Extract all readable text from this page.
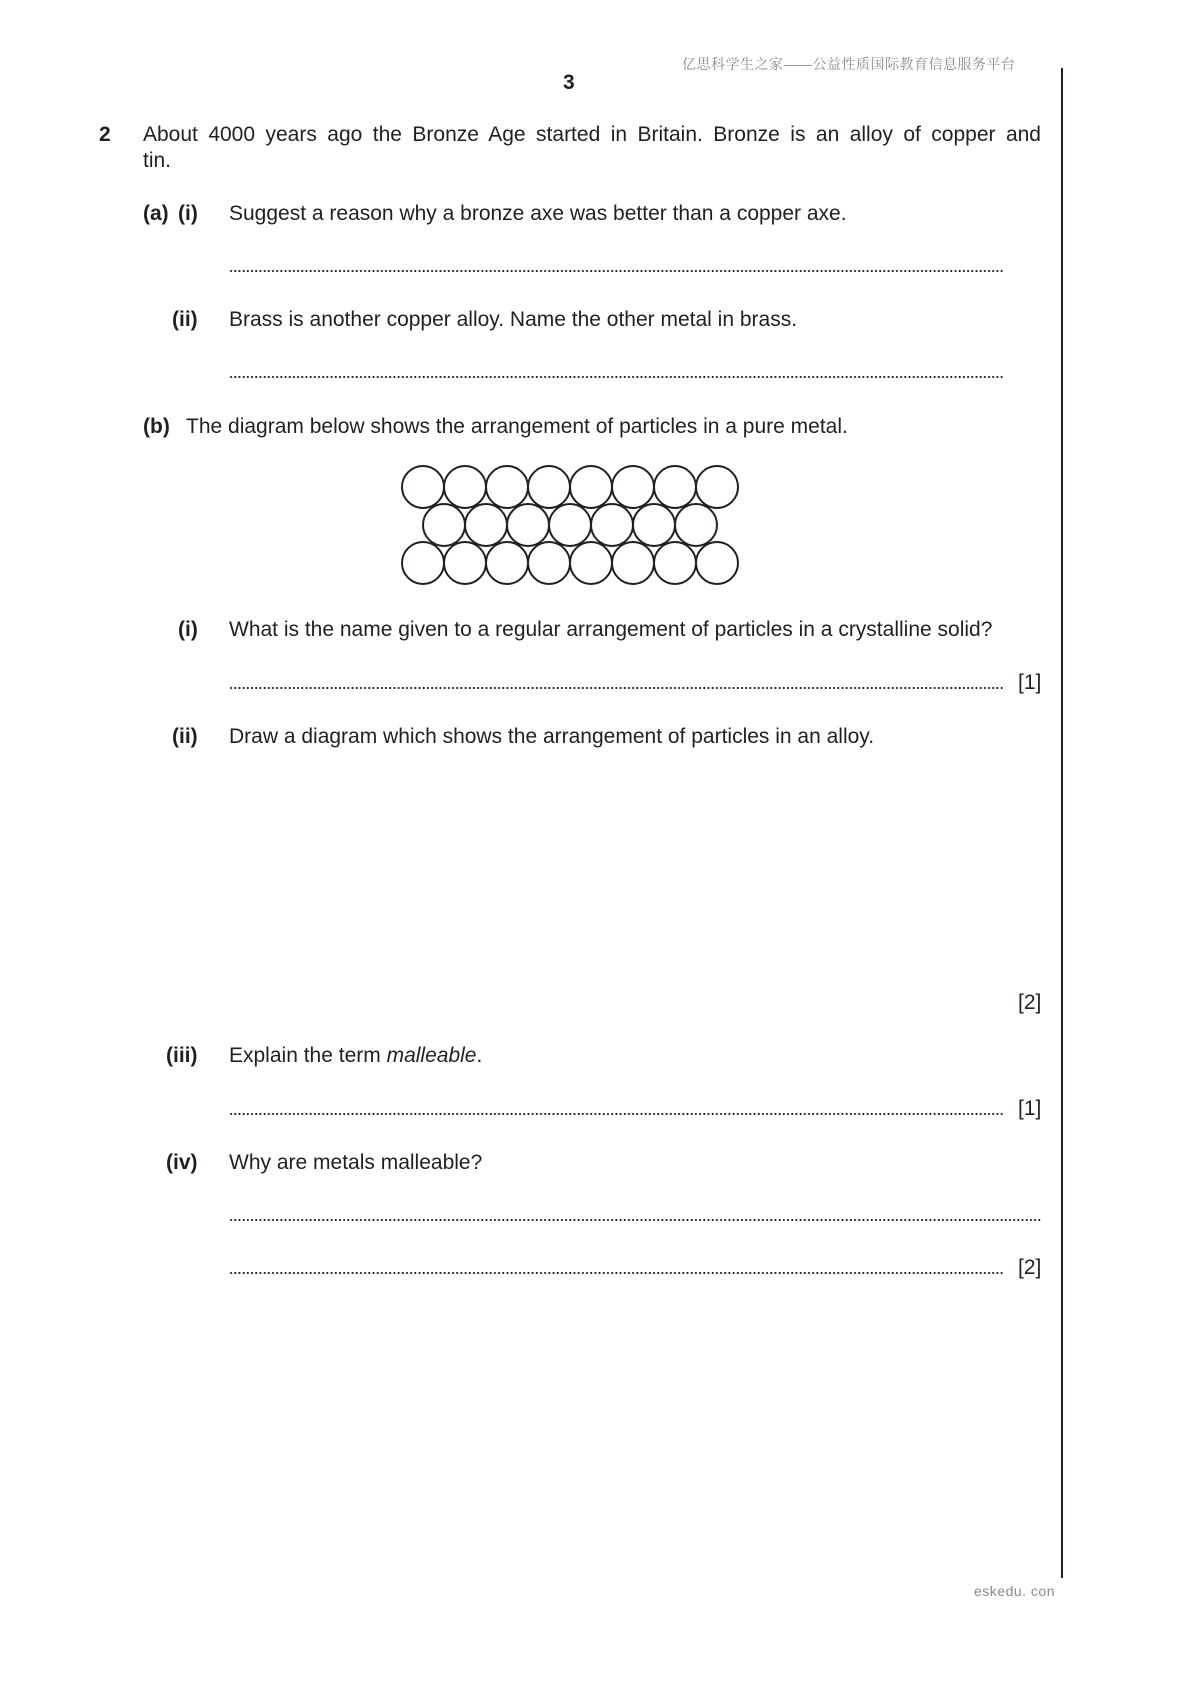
亿思科学生之家——公益性质国际教育信息服务平台
3
2 About 4000 years ago the Bronze Age started in Britain. Bronze is an alloy of copper and
tin.
(a) (i) Suggest a reason why a bronze axe was better than a copper axe.
(ii) Brass is another copper alloy. Name the other metal in brass.
(b) The diagram below shows the arrangement of particles in a pure metal.
(i) What is the name given to a regular arrangement of particles in a crystalline solid?
[1]
(ii) Draw a diagram which shows the arrangement of particles in an alloy.
[2]
(iii) Explain the term malleable.
[1]
(iv) Why are metals malleable?
[2]
eskedu. con
